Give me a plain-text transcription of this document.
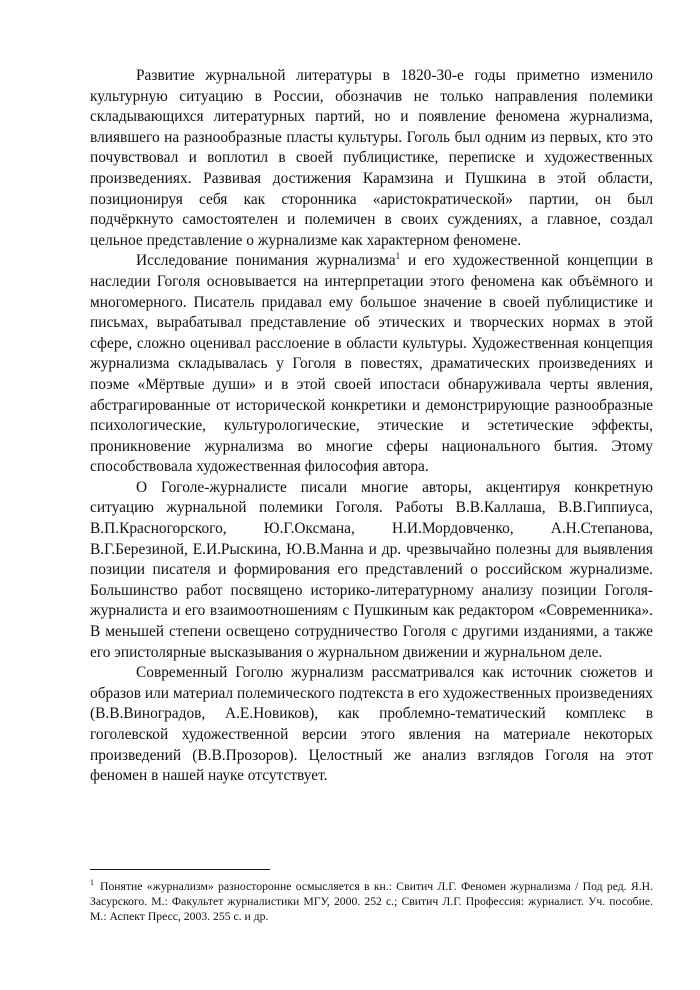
Развитие журнальной литературы в 1820-30-е годы приметно изменило культурную ситуацию в России, обозначив не только направления полемики складывающихся литературных партий, но и появление феномена журнализма, влиявшего на разнообразные пласты культуры. Гоголь был одним из первых, кто это почувствовал и воплотил в своей публицистике, переписке и художественных произведениях. Развивая достижения Карамзина и Пушкина в этой области, позиционируя себя как сторонника «аристократической» партии, он был подчёркнуто самостоятелен и полемичен в своих суждениях, а главное, создал цельное представление о журнализме как характерном феномене.

Исследование понимания журнализма$^1$ и его художественной концепции в наследии Гоголя основывается на интерпретации этого феномена как объёмного и многомерного. Писатель придавал ему большое значение в своей публицистике и письмах, вырабатывал представление об этических и творческих нормах в этой сфере, сложно оценивал расслоение в области культуры. Художественная концепция журнализма складывалась у Гоголя в повестях, драматических произведениях и поэме «Мёртвые души» и в этой своей ипостаси обнаруживала черты явления, абстрагированные от исторической конкретики и демонстрирующие разнообразные психологические, культурологические, этические и эстетические эффекты, проникновение журнализма во многие сферы национального бытия. Этому способствовала художественная философия автора.

О Гоголе-журналисте писали многие авторы, акцентируя конкретную ситуацию журнальной полемики Гоголя. Работы В.В.Каллаша, В.В.Гиппиуса, В.П.Красногорского, Ю.Г.Оксмана, Н.И.Мордовченко, А.Н.Степанова, В.Г.Березиной, Е.И.Рыскина, Ю.В.Манна и др. чрезвычайно полезны для выявления позиции писателя и формирования его представлений о российском журнализме. Большинство работ посвящено историко-литературному анализу позиции Гоголя-журналиста и его взаимоотношениям с Пушкиным как редактором «Современника». В меньшей степени освещено сотрудничество Гоголя с другими изданиями, а также его эпистолярные высказывания о журнальном движении и журнальном деле.

Современный Гоголю журнализм рассматривался как источник сюжетов и образов или материал полемического подтекста в его художественных произведениях (В.В.Виноградов, А.Е.Новиков), как проблемно-тематический комплекс в гоголевской художественной версии этого явления на материале некоторых произведений (В.В.Прозоров). Целостный же анализ взглядов Гоголя на этот феномен в нашей науке отсутствует.

$^1$ Понятие «журнализм» разносторонне осмысляется в кн.: Свитич Л.Г. Феномен журнализма / Под ред. Я.Н. Засурского. М.: Факультет журналистики МГУ, 2000. 252 с.; Свитич Л.Г. Профессия: журналист. Уч. пособие. М.: Аспект Пресс, 2003. 255 с. и др.
